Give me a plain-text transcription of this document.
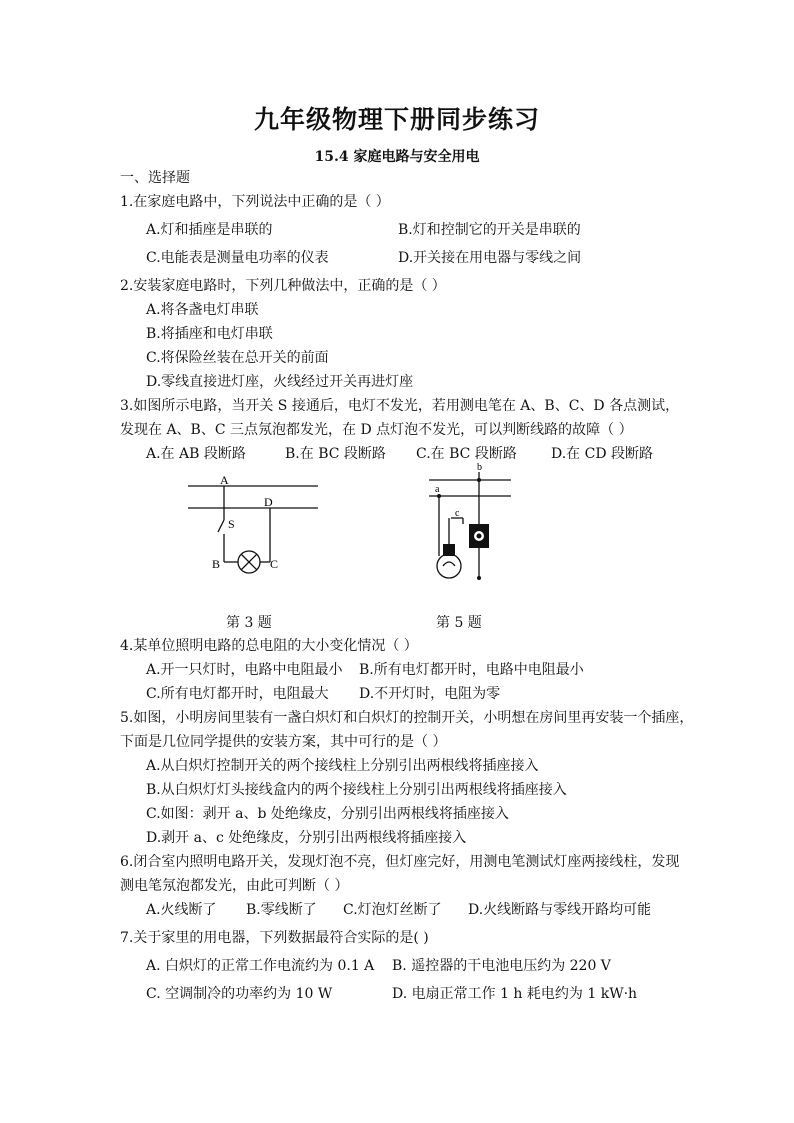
九年级物理下册同步练习
15.4 家庭电路与安全用电
一、选择题
1.在家庭电路中，下列说法中正确的是（ ）
A.灯和插座是串联的	B.灯和控制它的开关是串联的
C.电能表是测量电功率的仪表	D.开关接在用电器与零线之间
2.安装家庭电路时，下列几种做法中，正确的是（ ）
A.将各盏电灯串联
B.将插座和电灯串联
C.将保险丝装在总开关的前面
D.零线直接进灯座，火线经过开关再进灯座
3.如图所示电路，当开关 S 接通后，电灯不发光，若用测电笔在 A、B、C、D 各点测试，
发现在 A、B、C 三点氖泡都发光，在 D 点灯泡不发光，可以判断线路的故障（ ）
A.在 AB 段断路	B.在 BC 段断路 C.在 BC 段断路 D.在 CD 段断路
A
D
S
B	C
a
b
c
第 3 题	第 5 题
4.某单位照明电路的总电阻的大小变化情况（ ）
A.开一只灯时，电路中电阻最小 B.所有电灯都开时，电路中电阻最小
C.所有电灯都开时，电阻最大 D.不开灯时，电阻为零
5.如图，小明房间里装有一盏白炽灯和白炽灯的控制开关，小明想在房间里再安装一个插座，
下面是几位同学提供的安装方案，其中可行的是（ ）
A.从白炽灯控制开关的两个接线柱上分别引出两根线将插座接入
B.从白炽灯灯头接线盒内的两个接线柱上分别引出两根线将插座接入
C.如图：剥开 a、b 处绝缘皮，分别引出两根线将插座接入
D.剥开 a、c 处绝缘皮，分别引出两根线将插座接入
6.闭合室内照明电路开关，发现灯泡不亮，但灯座完好，用测电笔测试灯座两接线柱，发现
测电笔氖泡都发光，由此可判断（ ）
A.火线断了 B.零线断了 C.灯泡灯丝断了 D.火线断路与零线开路均可能
7.关于家里的用电器，下列数据最符合实际的是( )
A. 白炽灯的正常工作电流约为 0.1 A B. 遥控器的干电池电压约为 220 V
C. 空调制冷的功率约为 10 W	D. 电扇正常工作 1 h 耗电约为 1 kW·h
